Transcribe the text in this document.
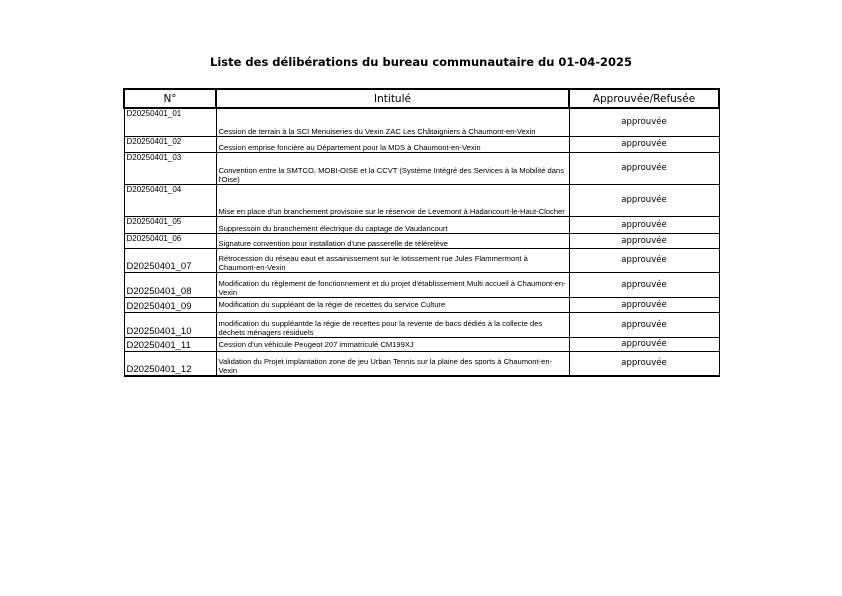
Liste des délibérations du bureau communautaire du 01-04-2025
N°	Intitulé	Approuvée/Refusée
D20250401_01	Cession de terrain à la SCI Menuiseries du Vexin ZAC Les Châtaigniers à Chaumont-en-Vexin	approuvée
D20250401_02	Cession emprise foncière au Département pour la MDS à Chaumont-en-Vexin	approuvée
D20250401_03	Convention entre la SMTCO, MOBI-OISE et la CCVT (Système Intégré des Services à la Mobilité dans l'Oise)	approuvée
D20250401_04	Mise en place d'un branchement provisoire sur le réservoir de Levemont à Hadancourt-le-Haut-Clocher	approuvée
D20250401_05	Suppressoin du branchement électrique du captage de Vaudancourt	approuvée
D20250401_06	Signature convention pour installation d'une passerelle de télérelève	approuvée
D20250401_07	Rétrocession du réseau eaut et assainissement sur le lotissement rue Jules Flammermont à Chaumont-en-Vexin	approuvée
D20250401_08	Modification du règlement de fonctionnement et du projet d'établissement Multi accueil à Chaumont-en-Vexin	approuvée
D20250401_09	Modification du suppléant de la régie de recettes du service Culture	approuvée
D20250401_10	modification du suppléantde la régie de recettes pour la revente de bacs dédiés à la collecte des déchets ménagers résiduels	approuvée
D20250401_11	Cession d'un véhicule Peugeot 207 immatriculé CM199XJ	approuvée
D20250401_12	Validation du Projet implantation zone de jeu Urban Tennis sur la plaine des sports à Chaumont-en-Vexin	approuvée
